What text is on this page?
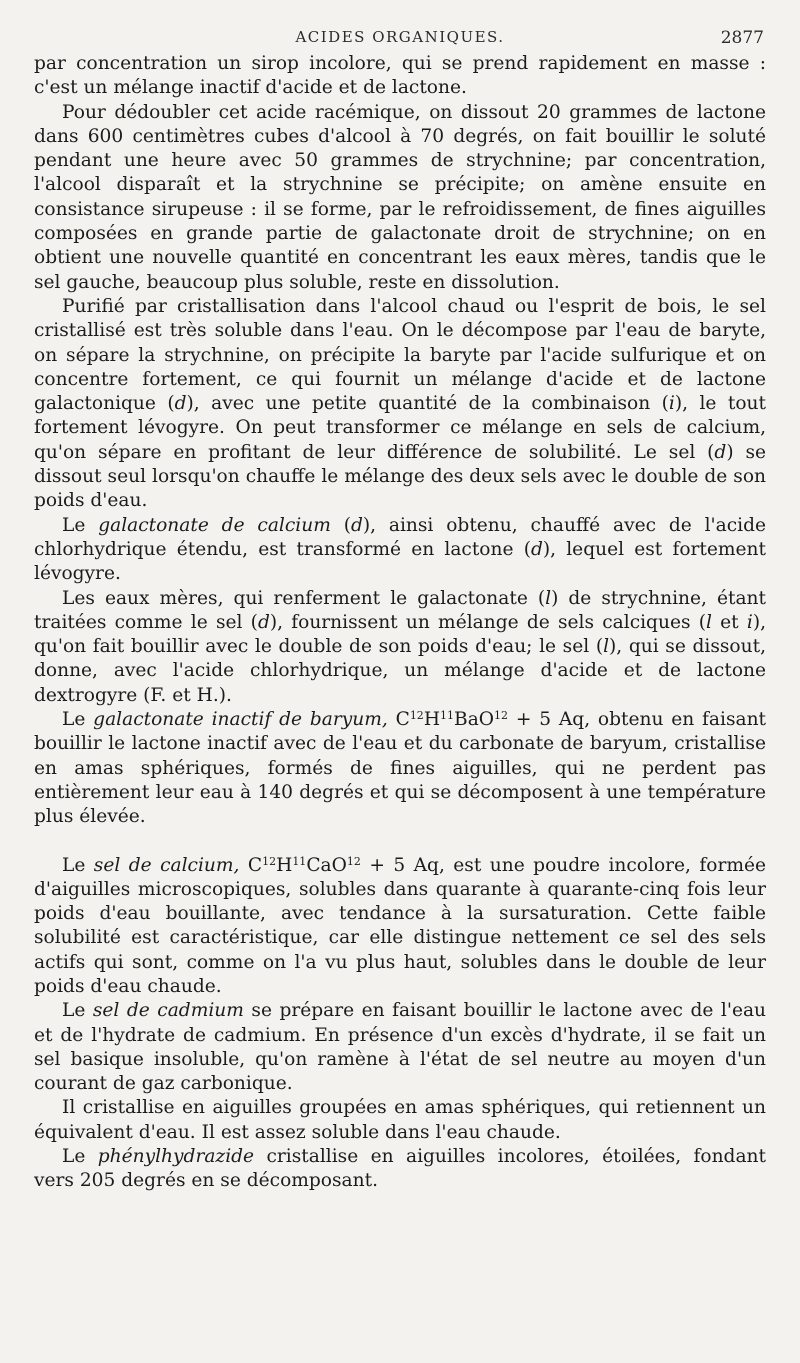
ACIDES ORGANIQUES.	2877

par concentration un sirop incolore, qui se prend rapidement en masse : c'est un mélange inactif d'acide et de lactone.

Pour dédoubler cet acide racémique, on dissout 20 grammes de lactone dans 600 centimètres cubes d'alcool à 70 degrés, on fait bouillir le soluté pendant une heure avec 50 grammes de strychnine; par concentration, l'alcool disparaît et la strychnine se précipite; on amène ensuite en consistance sirupeuse : il se forme, par le refroidissement, de fines aiguilles composées en grande partie de galactonate droit de strychnine; on en obtient une nouvelle quantité en concentrant les eaux mères, tandis que le sel gauche, beaucoup plus soluble, reste en dissolution.

Purifié par cristallisation dans l'alcool chaud ou l'esprit de bois, le sel cristallisé est très soluble dans l'eau. On le décompose par l'eau de baryte, on sépare la strychnine, on précipite la baryte par l'acide sulfurique et on concentre fortement, ce qui fournit un mélange d'acide et de lactone galactonique (d), avec une petite quantité de la combinaison (i), le tout fortement lévogyre. On peut transformer ce mélange en sels de calcium, qu'on sépare en profitant de leur différence de solubilité. Le sel (d) se dissout seul lorsqu'on chauffe le mélange des deux sels avec le double de son poids d'eau.

Le galactonate de calcium (d), ainsi obtenu, chauffé avec de l'acide chlorhydrique étendu, est transformé en lactone (d), lequel est fortement lévogyre.

Les eaux mères, qui renferment le galactonate (l) de strychnine, étant traitées comme le sel (d), fournissent un mélange de sels calciques (l et i), qu'on fait bouillir avec le double de son poids d'eau; le sel (l), qui se dissout, donne, avec l'acide chlorhydrique, un mélange d'acide et de lactone dextrogyre (F. et H.).

Le galactonate inactif de baryum, $C^{12}H^{11}BaO^{12} + 5$ Aq, obtenu en faisant bouillir le lactone inactif avec de l'eau et du carbonate de baryum, cristallise en amas sphériques, formés de fines aiguilles, qui ne perdent pas entièrement leur eau à 140 degrés et qui se décomposent à une température plus élevée.

Le sel de calcium, $C^{12}H^{11}CaO^{12} + 5$ Aq, est une poudre incolore, formée d'aiguilles microscopiques, solubles dans quarante à quarante-cinq fois leur poids d'eau bouillante, avec tendance à la sursaturation. Cette faible solubilité est caractéristique, car elle distingue nettement ce sel des sels actifs qui sont, comme on l'a vu plus haut, solubles dans le double de leur poids d'eau chaude.

Le sel de cadmium se prépare en faisant bouillir le lactone avec de l'eau et de l'hydrate de cadmium. En présence d'un excès d'hydrate, il se fait un sel basique insoluble, qu'on ramène à l'état de sel neutre au moyen d'un courant de gaz carbonique.

Il cristallise en aiguilles groupées en amas sphériques, qui retiennent un équivalent d'eau. Il est assez soluble dans l'eau chaude.

Le phénylhydrazide cristallise en aiguilles incolores, étoilées, fondant vers 205 degrés en se décomposant.
